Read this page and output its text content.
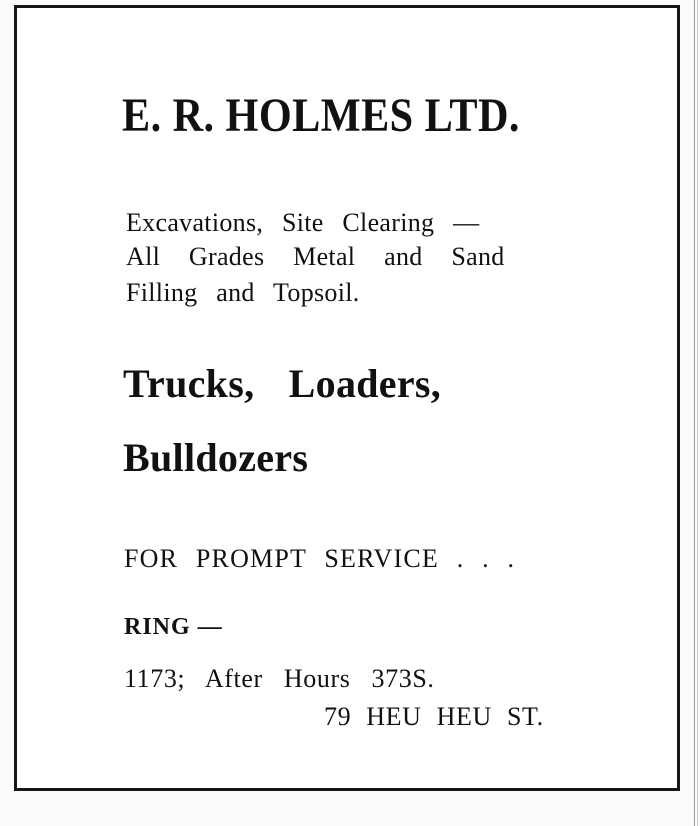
E. R. HOLMES LTD.
Excavations, Site Clearing —
All Grades Metal and Sand
Filling and Topsoil.
Trucks, Loaders,
Bulldozers
FOR PROMPT SERVICE . . .
RING —
1173; After Hours 373S.
79 HEU HEU ST.
